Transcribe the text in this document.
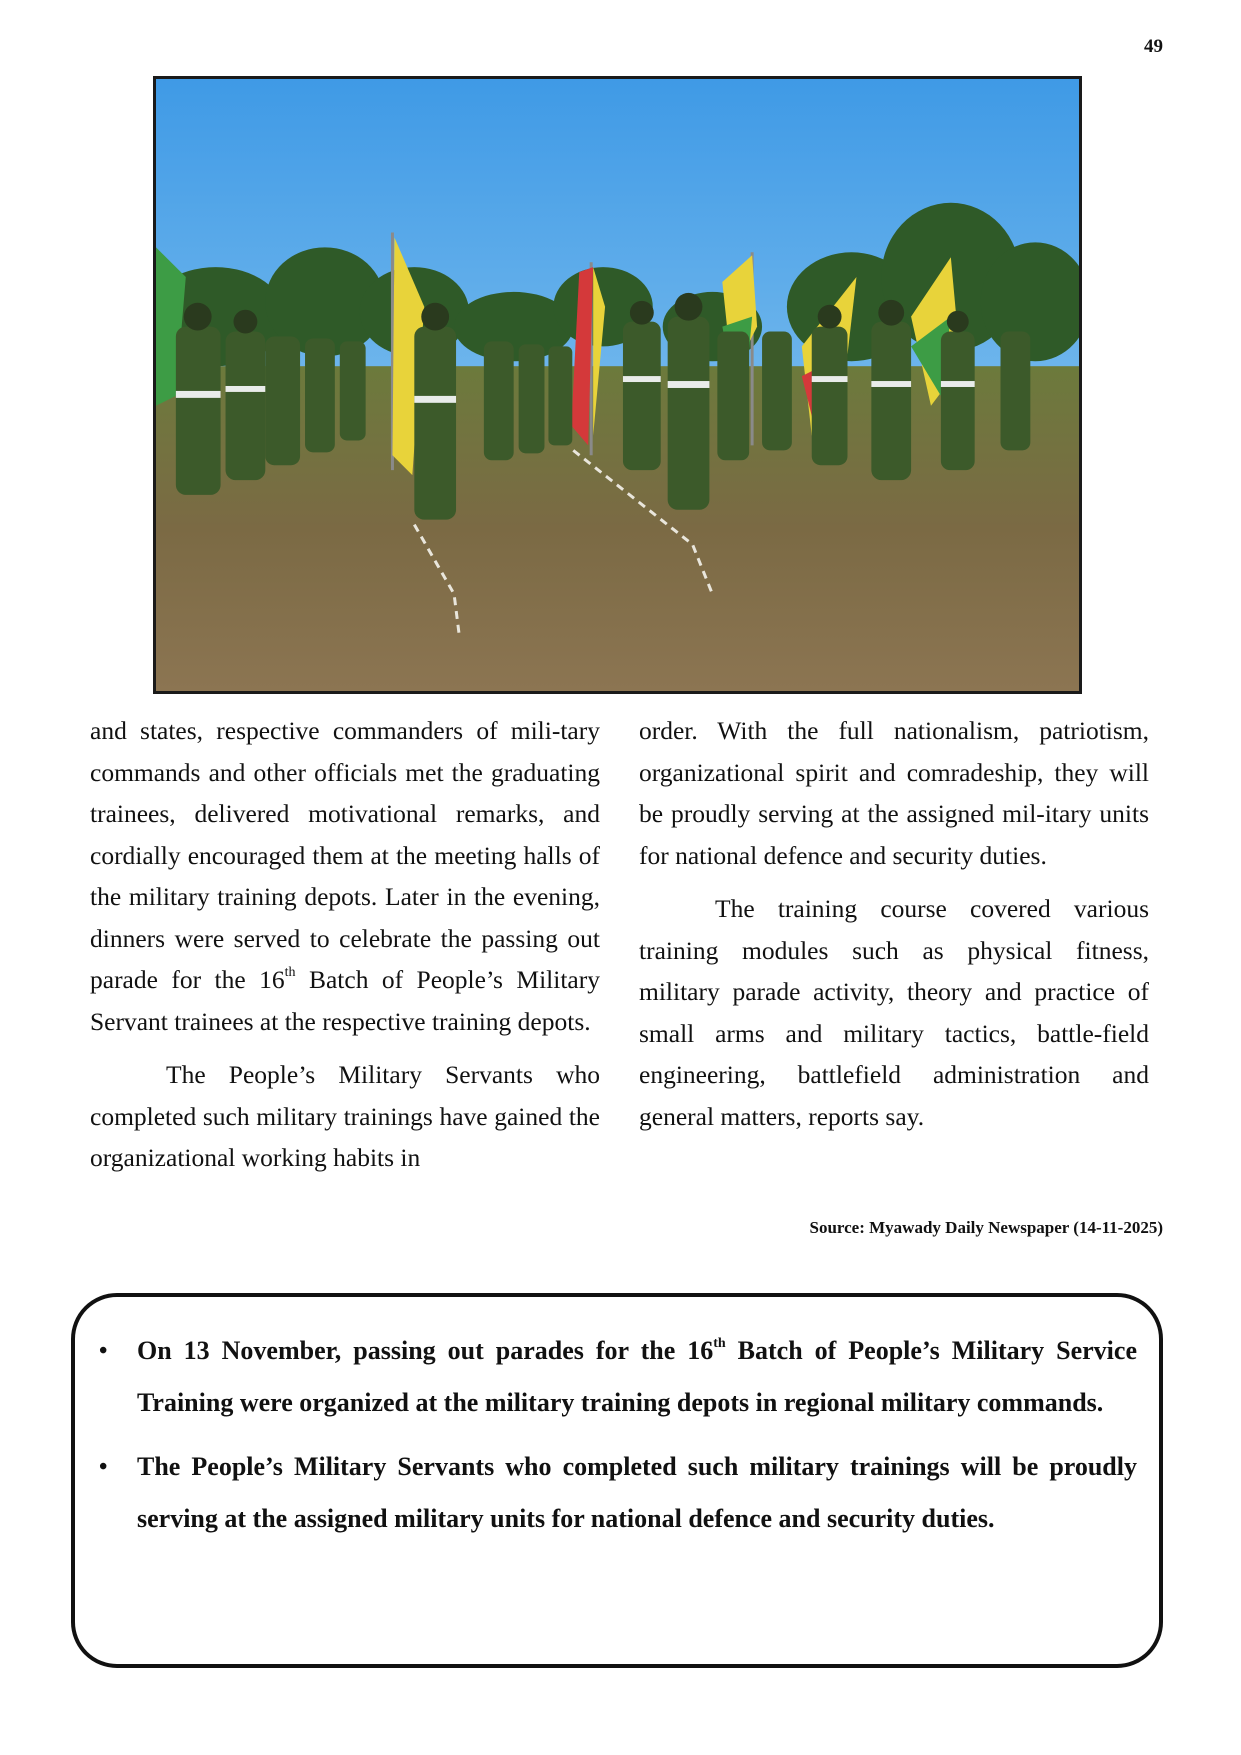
49

and states, respective commanders of mili-tary commands and other officials met the graduating trainees, delivered motivational remarks, and cordially encouraged them at the meeting halls of the military training depots. Later in the evening, dinners were served to celebrate the passing out parade for the 16th Batch of People’s Military Servant trainees at the respective training depots.

The People’s Military Servants who completed such military trainings have gained the organizational working habits in

order. With the full nationalism, patriotism, organizational spirit and comradeship, they will be proudly serving at the assigned mil-itary units for national defence and security duties.

The training course covered various training modules such as physical fitness, military parade activity, theory and practice of small arms and military tactics, battle-field engineering, battlefield administration and general matters, reports say.

Source: Myawady Daily Newspaper (14-11-2025)
• On 13 November, passing out parades for the 16th Batch of People’s Military Service Training were organized at the military training depots in regional military commands.
• The People’s Military Servants who completed such military trainings will be proudly serving at the assigned military units for national defence and security duties.
